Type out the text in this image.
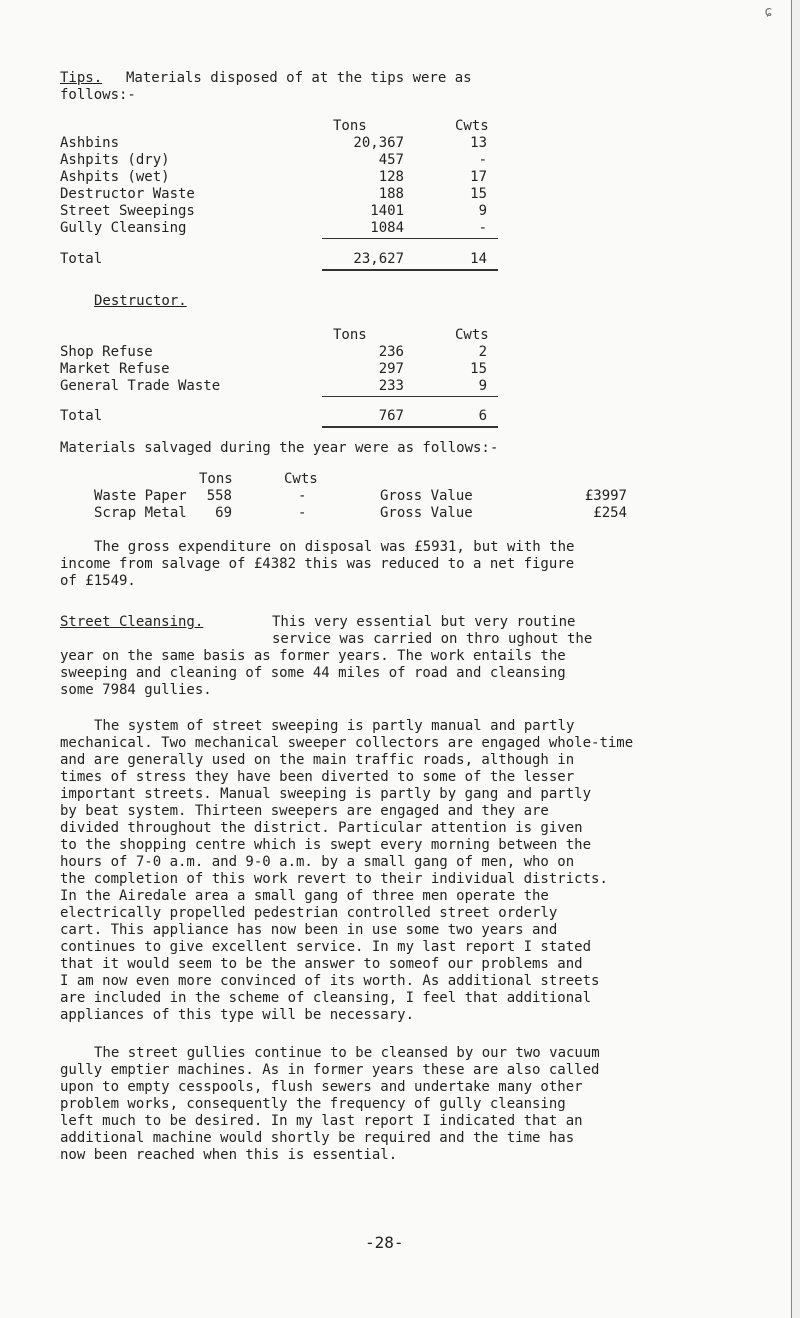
ɕ
Tips. Materials disposed of at the tips were as
follows:-
Tons	Cwts
Ashbins	20,367	13
Ashpits (dry)	457	-
Ashpits (wet)	128	17
Destructor Waste	188	15
Street Sweepings	1401	9
Gully Cleansing	1084	-
Total	23,627	14
Destructor.
Tons	Cwts
Shop Refuse	236	2
Market Refuse	297	15
General Trade Waste	233	9
Total	767	6
Materials salvaged during the year were as follows:-
Tons	Cwts
Waste Paper	558	-	Gross Value	£3997
Scrap Metal	69	-	Gross Value	£254
The gross expenditure on disposal was £5931, but with the
income from salvage of £4382 this was reduced to a net figure
of £1549.
Street Cleansing.	This very essential but very routine
service was carried on thro ughout the
year on the same basis as former years. The work entails the
sweeping and cleaning of some 44 miles of road and cleansing
some 7984 gullies.
The system of street sweeping is partly manual and partly
mechanical. Two mechanical sweeper collectors are engaged whole-time
and are generally used on the main traffic roads, although in
times of stress they have been diverted to some of the lesser
important streets. Manual sweeping is partly by gang and partly
by beat system. Thirteen sweepers are engaged and they are
divided throughout the district. Particular attention is given
to the shopping centre which is swept every morning between the
hours of 7-0 a.m. and 9-0 a.m. by a small gang of men, who on
the completion of this work revert to their individual districts.
In the Airedale area a small gang of three men operate the
electrically propelled pedestrian controlled street orderly
cart. This appliance has now been in use some two years and
continues to give excellent service. In my last report I stated
that it would seem to be the answer to someof our problems and
I am now even more convinced of its worth. As additional streets
are included in the scheme of cleansing, I feel that additional
appliances of this type will be necessary.
The street gullies continue to be cleansed by our two vacuum
gully emptier machines. As in former years these are also called
upon to empty cesspools, flush sewers and undertake many other
problem works, consequently the frequency of gully cleansing
left much to be desired. In my last report I indicated that an
additional machine would shortly be required and the time has
now been reached when this is essential.
-28-
